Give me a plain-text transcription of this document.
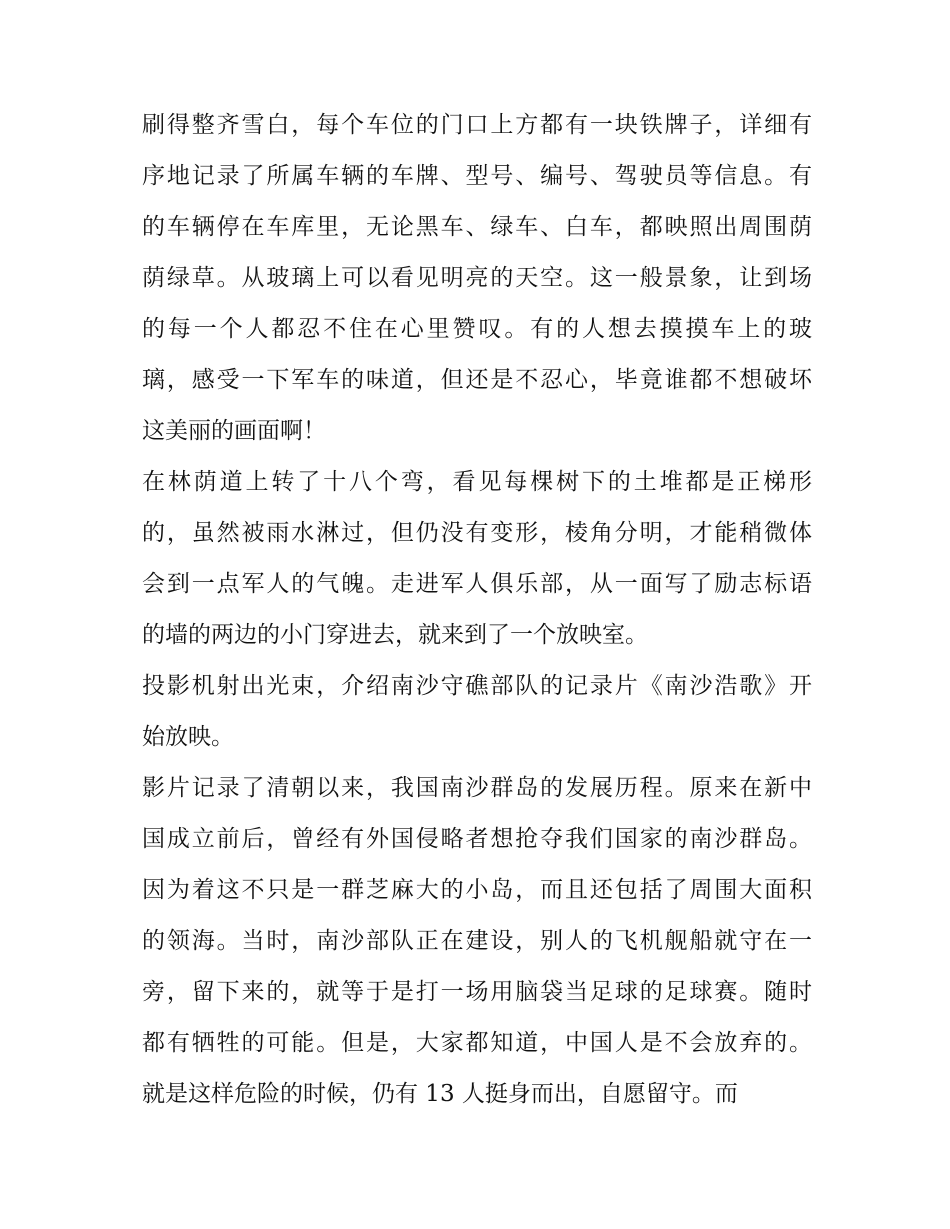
刷得整齐雪白，每个车位的门口上方都有一块铁牌子，详细有
序地记录了所属车辆的车牌、型号、编号、驾驶员等信息。有
的车辆停在车库里，无论黑车、绿车、白车，都映照出周围荫
荫绿草。从玻璃上可以看见明亮的天空。这一般景象，让到场
的每一个人都忍不住在心里赞叹。有的人想去摸摸车上的玻
璃，感受一下军车的味道，但还是不忍心，毕竟谁都不想破坏
这美丽的画面啊！
在林荫道上转了十八个弯，看见每棵树下的土堆都是正梯形
的，虽然被雨水淋过，但仍没有变形，棱角分明，才能稍微体
会到一点军人的气魄。走进军人俱乐部，从一面写了励志标语
的墙的两边的小门穿进去，就来到了一个放映室。
投影机射出光束，介绍南沙守礁部队的记录片《南沙浩歌》开
始放映。
影片记录了清朝以来，我国南沙群岛的发展历程。原来在新中
国成立前后，曾经有外国侵略者想抢夺我们国家的南沙群岛。
因为着这不只是一群芝麻大的小岛，而且还包括了周围大面积
的领海。当时，南沙部队正在建设，别人的飞机舰船就守在一
旁，留下来的，就等于是打一场用脑袋当足球的足球赛。随时
都有牺牲的可能。但是，大家都知道，中国人是不会放弃的。
就是这样危险的时候，仍有 13 人挺身而出，自愿留守。而
